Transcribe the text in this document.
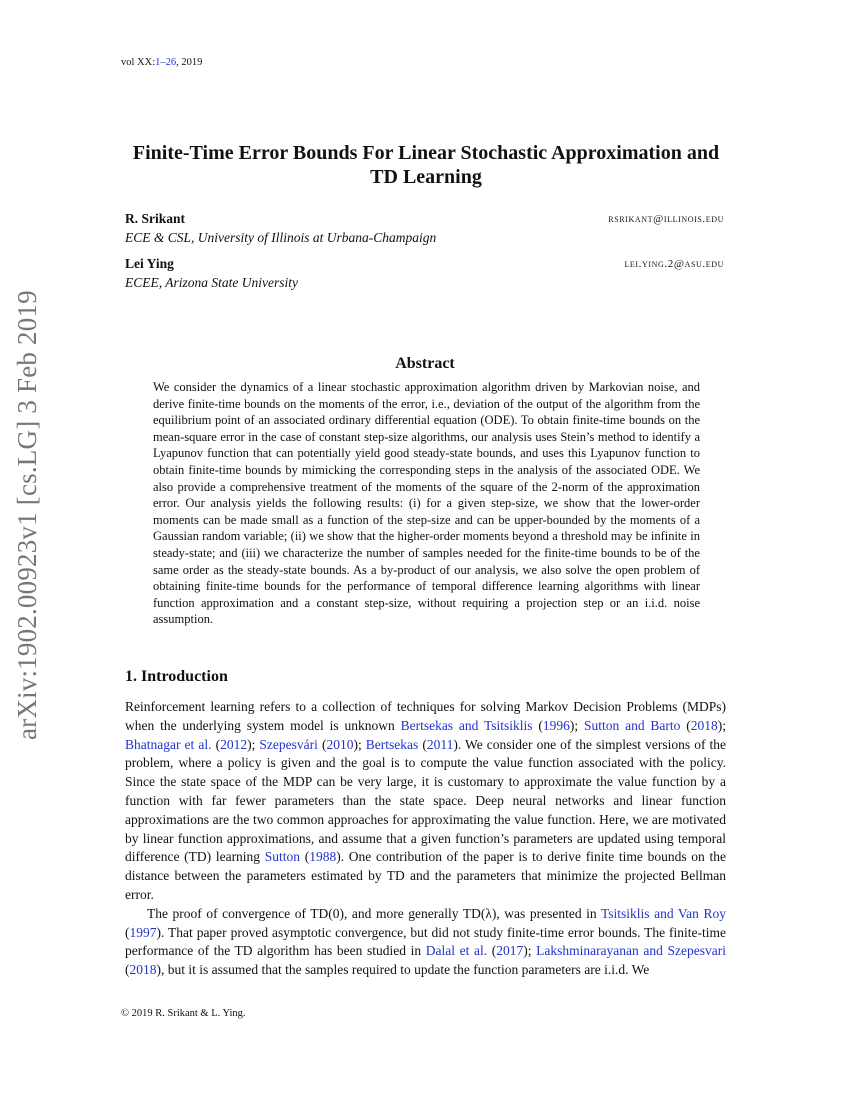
vol XX:1–26, 2019
arXiv:1902.00923v1 [cs.LG] 3 Feb 2019
Finite-Time Error Bounds For Linear Stochastic Approximation and TD Learning
R. Srikant	rsrikant@illinois.edu
ECE & CSL, University of Illinois at Urbana-Champaign
Lei Ying	lei.ying.2@asu.edu
ECEE, Arizona State University
Abstract
We consider the dynamics of a linear stochastic approximation algorithm driven by Markovian noise, and derive finite-time bounds on the moments of the error, i.e., deviation of the output of the algorithm from the equilibrium point of an associated ordinary differential equation (ODE). To obtain finite-time bounds on the mean-square error in the case of constant step-size algorithms, our analysis uses Stein’s method to identify a Lyapunov function that can potentially yield good steady-state bounds, and uses this Lyapunov function to obtain finite-time bounds by mimicking the corresponding steps in the analysis of the associated ODE. We also provide a comprehensive treatment of the moments of the square of the 2-norm of the approximation error. Our analysis yields the following results: (i) for a given step-size, we show that the lower-order moments can be made small as a function of the step-size and can be upper-bounded by the moments of a Gaussian random variable; (ii) we show that the higher-order moments beyond a threshold may be infinite in steady-state; and (iii) we characterize the number of samples needed for the finite-time bounds to be of the same order as the steady-state bounds. As a by-product of our analysis, we also solve the open problem of obtaining finite-time bounds for the performance of temporal difference learning algorithms with linear function approximation and a constant step-size, without requiring a projection step or an i.i.d. noise assumption.
1. Introduction

Reinforcement learning refers to a collection of techniques for solving Markov Decision Problems (MDPs) when the underlying system model is unknown Bertsekas and Tsitsiklis (1996); Sutton and Barto (2018); Bhatnagar et al. (2012); Szepesvári (2010); Bertsekas (2011). We consider one of the simplest versions of the problem, where a policy is given and the goal is to compute the value function associated with the policy. Since the state space of the MDP can be very large, it is customary to approximate the value function by a function with far fewer parameters than the state space. Deep neural networks and linear function approximations are the two common approaches for approximating the value function. Here, we are motivated by linear function approximations, and assume that a given function’s parameters are updated using temporal difference (TD) learning Sutton (1988). One contribution of the paper is to derive finite time bounds on the distance between the parameters estimated by TD and the parameters that minimize the projected Bellman error.

The proof of convergence of TD(0), and more generally TD(λ), was presented in Tsitsiklis and Van Roy (1997). That paper proved asymptotic convergence, but did not study finite-time error bounds. The finite-time performance of the TD algorithm has been studied in Dalal et al. (2017); Lakshminarayanan and Szepesvari (2018), but it is assumed that the samples required to update the function parameters are i.i.d. We

© 2019 R. Srikant & L. Ying.
